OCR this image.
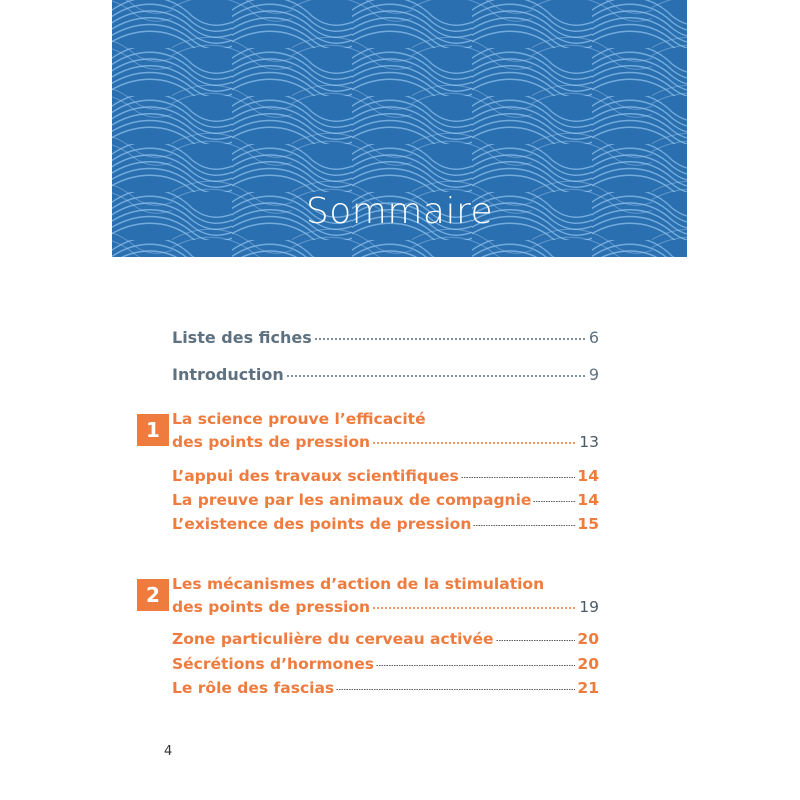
Sommaire
Liste des fiches	6
Introduction	9
1 La science prouve l’efficacité
des points de pression	13
L’appui des travaux scientifiques	14
La preuve par les animaux de compagnie	14
L’existence des points de pression	15
2 Les mécanismes d’action de la stimulation
des points de pression	19
Zone particulière du cerveau activée	20
Sécrétions d’hormones	20
Le rôle des fascias	21
4
